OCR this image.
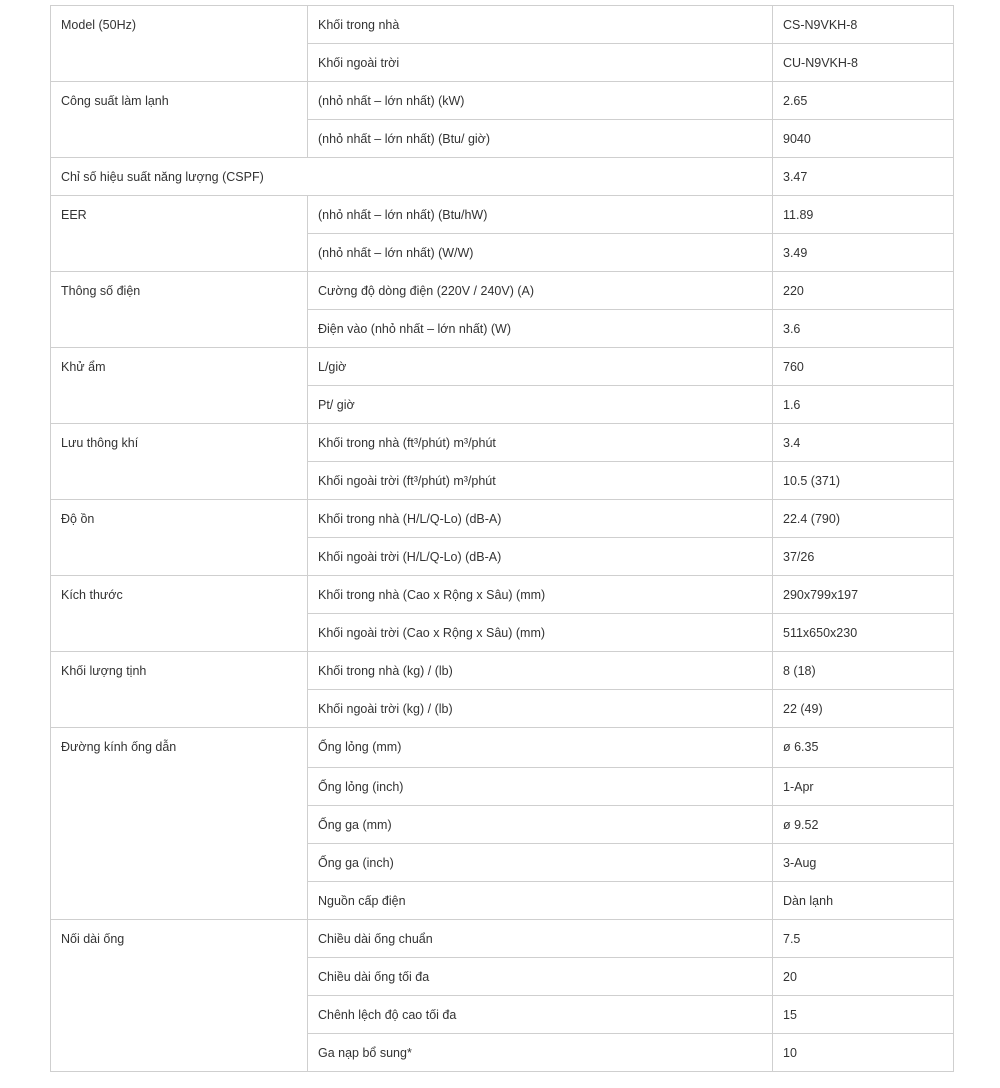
Model (50Hz)	Khối trong nhà	CS-N9VKH-8
	Khối ngoài trời	CU-N9VKH-8
Công suất làm lạnh	(nhỏ nhất – lớn nhất) (kW)	2.65
	(nhỏ nhất – lớn nhất) (Btu/ giờ)	9040
Chỉ số hiệu suất năng lượng (CSPF)		3.47
EER	(nhỏ nhất – lớn nhất) (Btu/hW)	11.89
	(nhỏ nhất – lớn nhất) (W/W)	3.49
Thông số điện	Cường độ dòng điện (220V / 240V) (A)	220
	Điện vào (nhỏ nhất – lớn nhất) (W)	3.6
Khử ẩm	L/giờ	760
	Pt/ giờ	1.6
Lưu thông khí	Khối trong nhà (ft³/phút) m³/phút	3.4
	Khối ngoài trời (ft³/phút) m³/phút	10.5 (371)
Độ ồn	Khối trong nhà (H/L/Q-Lo) (dB-A)	22.4 (790)
	Khối ngoài trời (H/L/Q-Lo) (dB-A)	37/26
Kích thước	Khối trong nhà (Cao x Rộng x Sâu) (mm)	290x799x197
	Khối ngoài trời (Cao x Rộng x Sâu) (mm)	511x650x230
Khối lượng tịnh	Khối trong nhà (kg) / (lb)	8 (18)
	Khối ngoài trời (kg) / (lb)	22 (49)
Đường kính ống dẫn	Ống lỏng (mm)	ø 6.35
	Ống lỏng (inch)	1-Apr
	Ống ga (mm)	ø 9.52
	Ống ga (inch)	3-Aug
	Nguồn cấp điện	Dàn lạnh
Nối dài ống	Chiều dài ống chuẩn	7.5
	Chiều dài ống tối đa	20
	Chênh lệch độ cao tối đa	15
	Ga nạp bổ sung*	10
